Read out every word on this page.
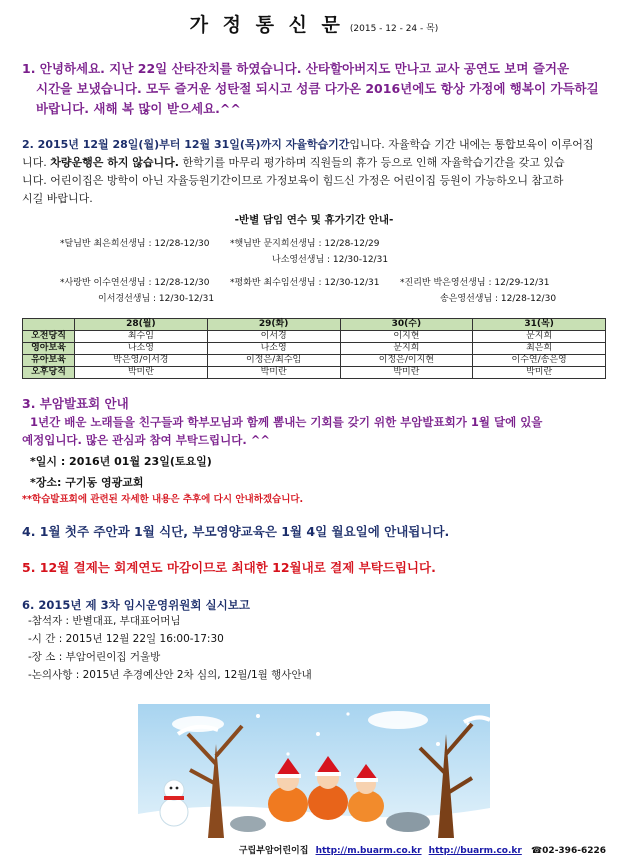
가 정 통 신 문 (2015 - 12 - 24 - 목)
1. 안녕하세요. 지난 22일 산타잔치를 하였습니다. 산타할아버지도 만나고 교사 공연도 보며 즐거운
시간을 보냈습니다. 모두 즐거운 성탄절 되시고 성큼 다가온 2016년에도 항상 가정에 행복이 가득하길
바랍니다. 새해 복 많이 받으세요.^^
2. 2015년 12월 28일(월)부터 12월 31일(목)까지 자율학습기간입니다. 자율학습 기간 내에는 통합보육이 이루어집
니다. 차량운행은 하지 않습니다. 한학기를 마무리 평가하며 직원들의 휴가 등으로 인해 자율학습기간을 갖고 있습
니다. 어린이집은 방학이 아닌 자율등원기간이므로 가정보육이 힘드신 가정은 어린이집 등원이 가능하오니 참고하
시길 바랍니다.
-반별 담임 연수 및 휴가기간 안내-
*달님반 최은희선생님 : 12/28-12/30 *햇님반 문지희선생님 : 12/28-12/29
나소영선생님 : 12/30-12/31
*사랑반 이수연선생님 : 12/28-12/30
이서경선생님 : 12/30-12/31
*평화반 최수임선생님 : 12/30-12/31 *진리반 박은영선생님 : 12/29-12/31
송은영선생님 : 12/28-12/30
	28(월)	29(화)	30(수)	31(목)
오전당직	최수임	이서경	이지현	문지희
영아보육	나소영	나소영	문지희	최은희
유아보육	박은영/이서경	이정은/최수임	이정은/이지현	이수연/송은영
오후당직	박미란	박미란	박미란	박미란
3. 부암발표회 안내
1년간 배운 노래들을 친구들과 학부모님과 함께 뽐내는 기회를 갖기 위한 부암발표회가 1월 달에 있을
예정입니다. 많은 관심과 참여 부탁드립니다. ^^
*일시 : 2016년 01월 23일(토요일)
*장소: 구기동 영광교회
**학습발표회에 관련된 자세한 내용은 추후에 다시 안내하겠습니다.
4. 1월 첫주 주안과 1월 식단, 부모영양교육은 1월 4일 월요일에 안내됩니다.
5. 12월 결제는 회계연도 마감이므로 최대한 12월내로 결제 부탁드립니다.
6. 2015년 제 3차 임시운영위원회 실시보고
-참석자 : 반별대표, 부대표어머님
-시 간 : 2015년 12월 22일 16:00-17:30
-장 소 : 부암어린이집 거울방
-논의사항 : 2015년 추경예산안 2차 심의, 12월/1월 행사안내
구립부암어린이집 http://m.buarm.co.kr http://buarm.co.kr ☎02-396-6226
